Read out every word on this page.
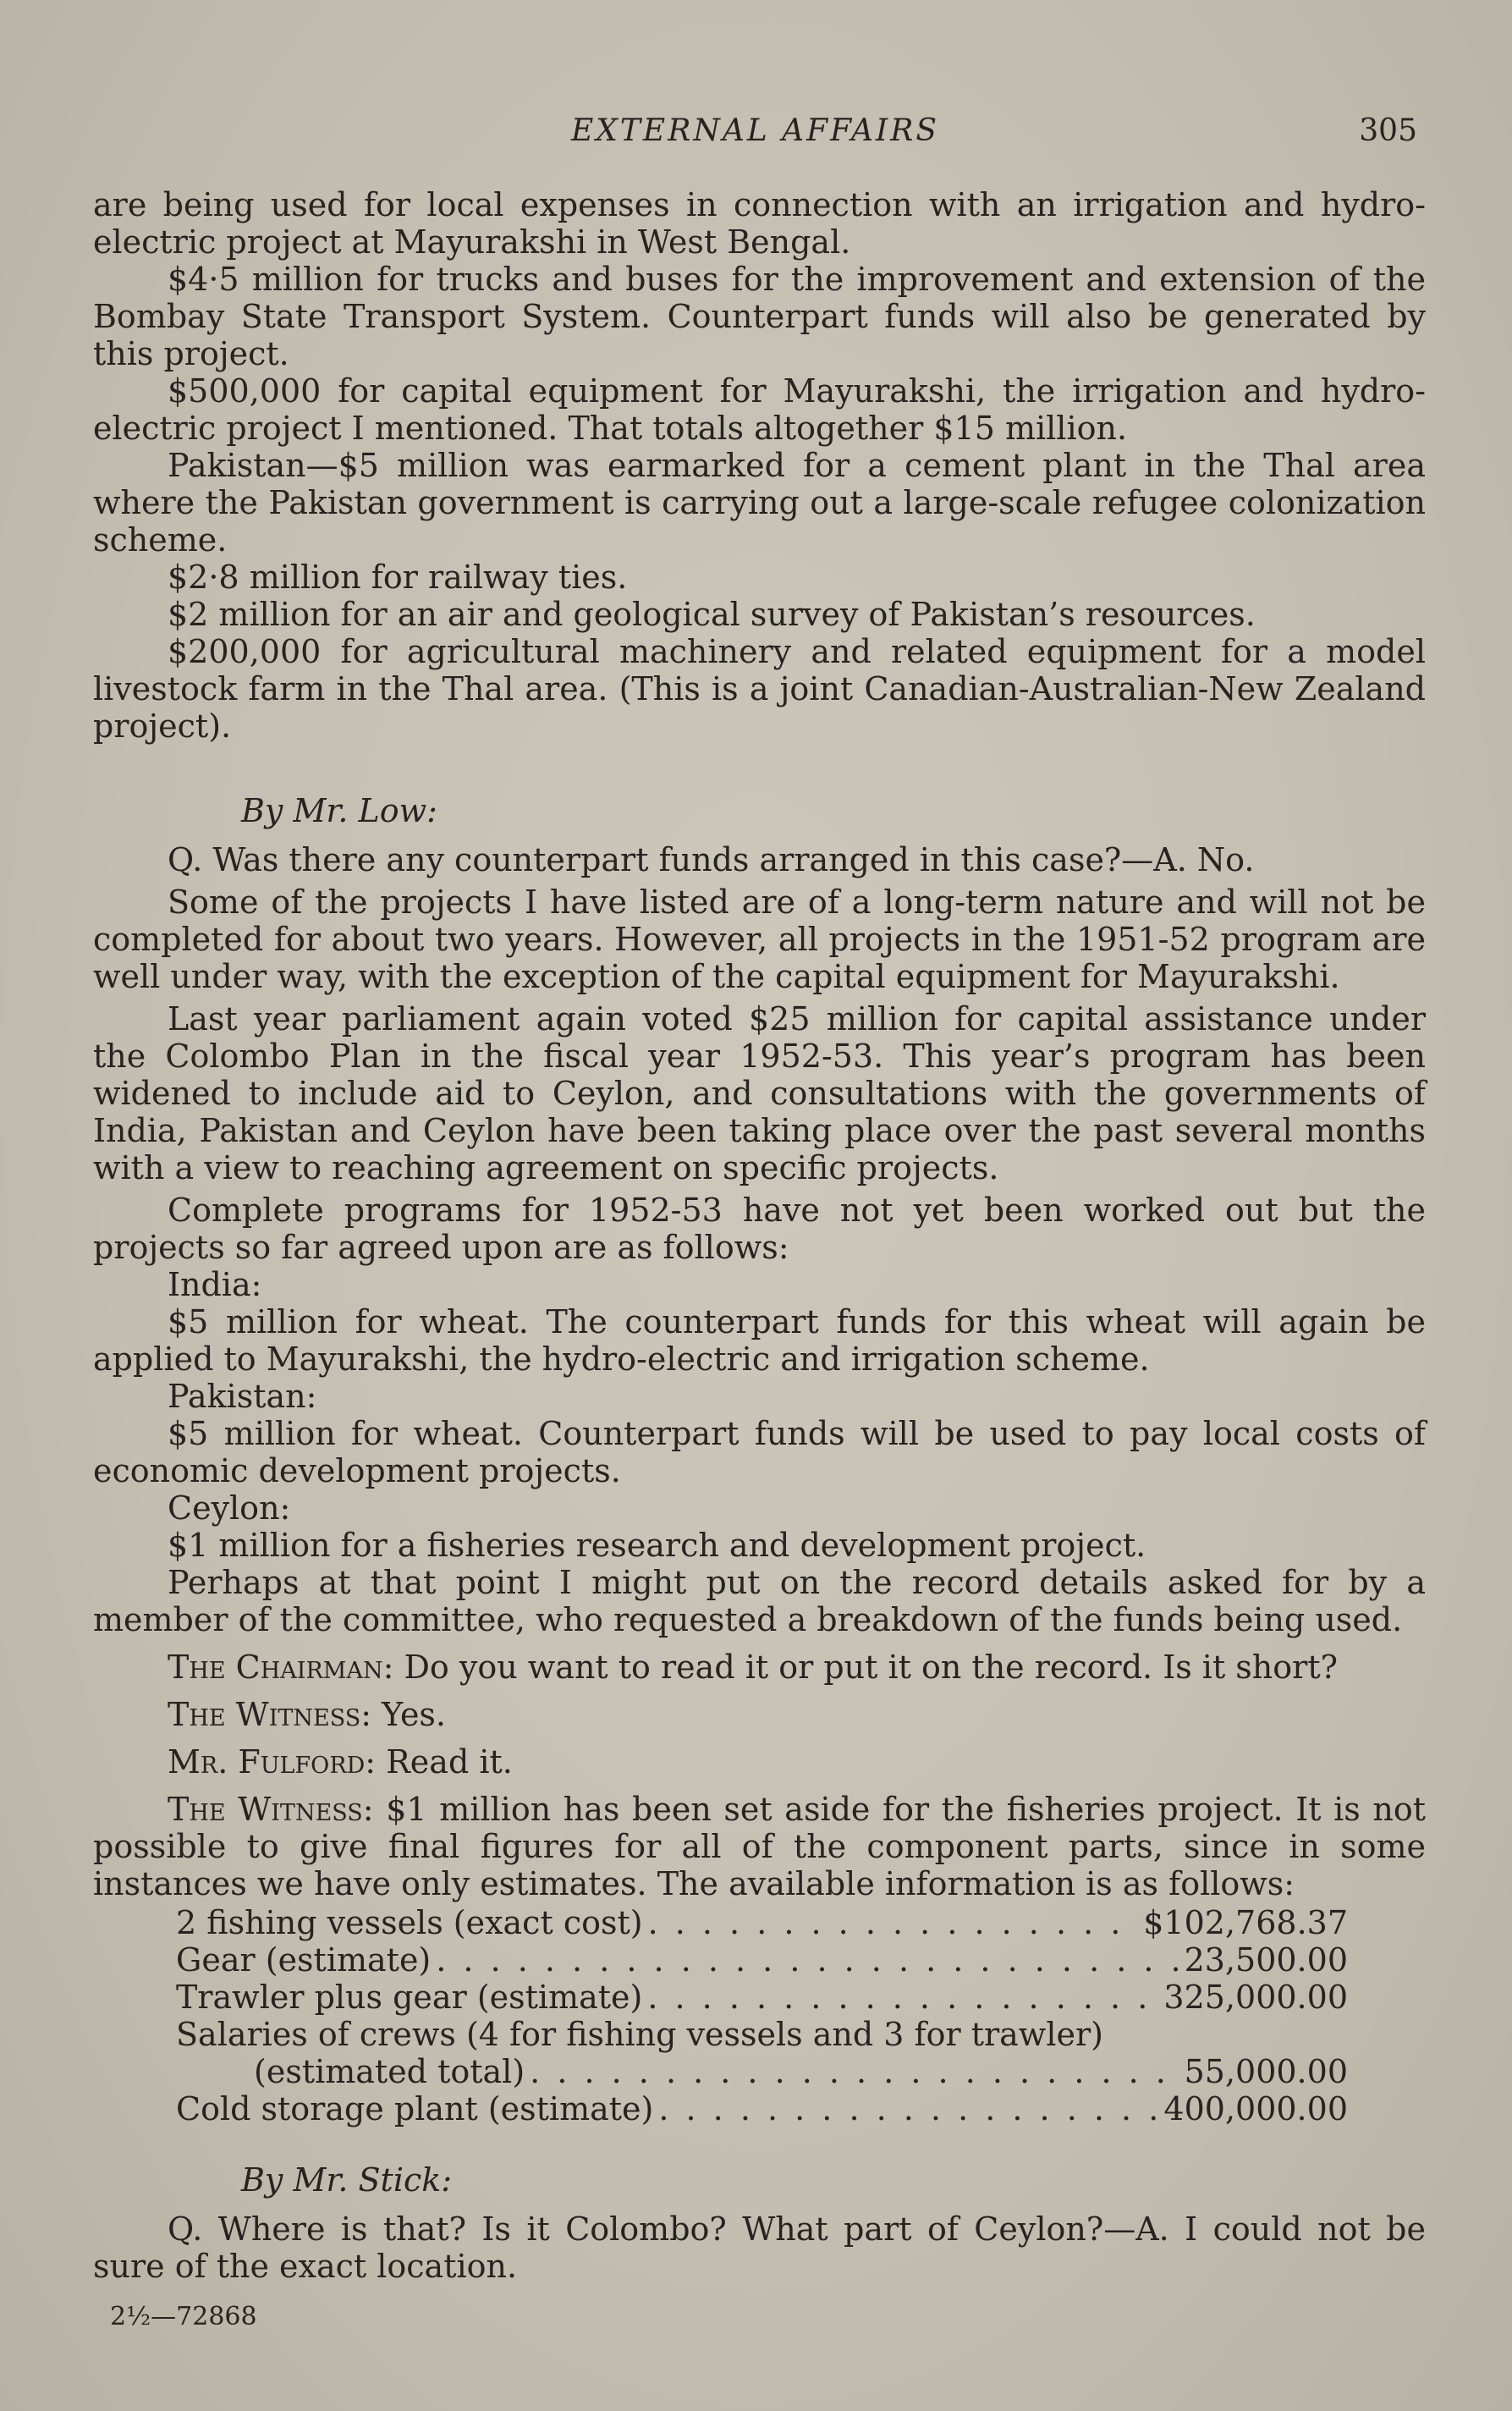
EXTERNAL AFFAIRS	305

are being used for local expenses in connection with an irrigation and hydro-electric project at Mayurakshi in West Bengal.

$4·5 million for trucks and buses for the improvement and extension of the Bombay State Transport System. Counterpart funds will also be generated by this project.

$500,000 for capital equipment for Mayurakshi, the irrigation and hydro-electric project I mentioned. That totals altogether $15 million.

Pakistan—$5 million was earmarked for a cement plant in the Thal area where the Pakistan government is carrying out a large-scale refugee colonization scheme.

$2·8 million for railway ties.

$2 million for an air and geological survey of Pakistan’s resources.

$200,000 for agricultural machinery and related equipment for a model livestock farm in the Thal area. (This is a joint Canadian-Australian-New Zealand project).

By Mr. Low:

Q. Was there any counterpart funds arranged in this case?—A. No.

Some of the projects I have listed are of a long-term nature and will not be completed for about two years. However, all projects in the 1951-52 program are well under way, with the exception of the capital equipment for Mayurakshi.

Last year parliament again voted $25 million for capital assistance under the Colombo Plan in the fiscal year 1952-53. This year’s program has been widened to include aid to Ceylon, and consultations with the governments of India, Pakistan and Ceylon have been taking place over the past several months with a view to reaching agreement on specific projects.

Complete programs for 1952-53 have not yet been worked out but the projects so far agreed upon are as follows:

India:

$5 million for wheat. The counterpart funds for this wheat will again be applied to Mayurakshi, the hydro-electric and irrigation scheme.

Pakistan:

$5 million for wheat. Counterpart funds will be used to pay local costs of economic development projects.

Ceylon:

$1 million for a fisheries research and development project.

Perhaps at that point I might put on the record details asked for by a member of the committee, who requested a breakdown of the funds being used.

The Chairman: Do you want to read it or put it on the record. Is it short?

The Witness: Yes.

Mr. Fulford: Read it.

The Witness: $1 million has been set aside for the fisheries project. It is not possible to give final figures for all of the component parts, since in some instances we have only estimates. The available information is as follows:

2 fishing vessels (exact cost) . . .	$102,768.37
Gear (estimate) . . .	23,500.00
Trawler plus gear (estimate) . . .	325,000.00
Salaries of crews (4 for fishing vessels and 3 for trawler)
(estimated total) . . .	55,000.00
Cold storage plant (estimate) . . .	400,000.00

By Mr. Stick:

Q. Where is that? Is it Colombo? What part of Ceylon?—A. I could not be sure of the exact location.

2½—72868
